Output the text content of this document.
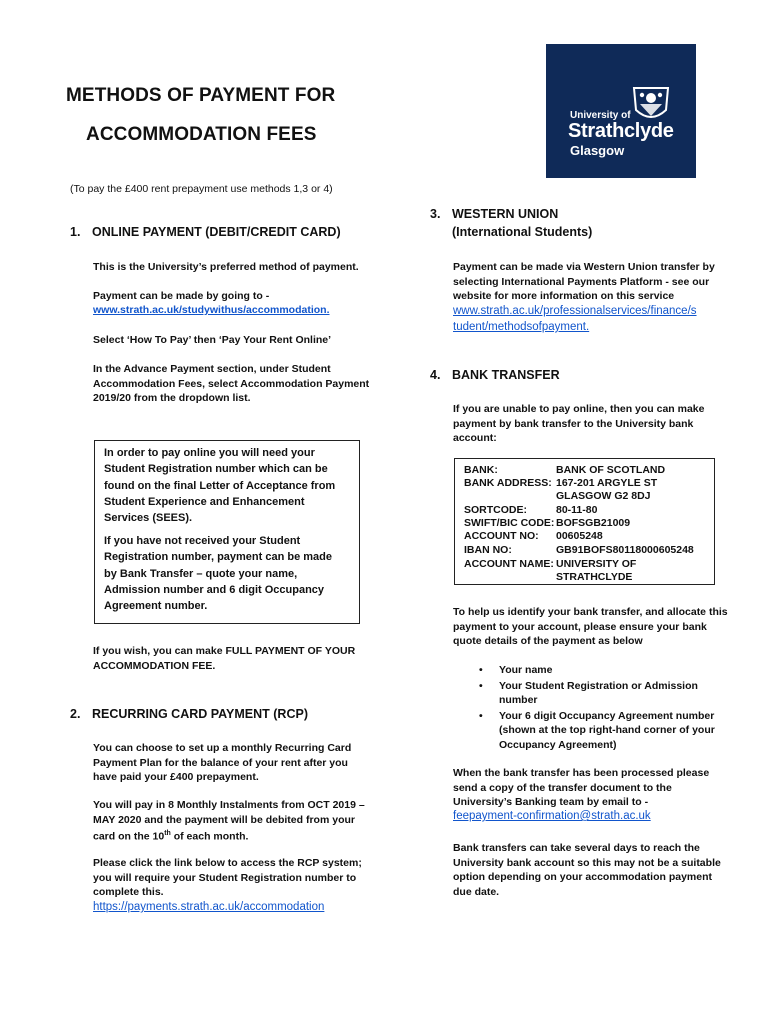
METHODS OF PAYMENT FOR
ACCOMMODATION FEES
(To pay the £400 rent prepayment use methods 1,3 or 4)
University of
Strathclyde
Glasgow
1. ONLINE PAYMENT (DEBIT/CREDIT CARD)
This is the University’s preferred method of payment.
Payment can be made by going to -
www.strath.ac.uk/studywithus/accommodation.
Select ‘How To Pay’ then ‘Pay Your Rent Online’
In the Advance Payment section, under Student
Accommodation Fees, select Accommodation Payment
2019/20 from the dropdown list.

In order to pay online you will need your

Student Registration number which can be

found on the final Letter of Acceptance from

Student Experience and Enhancement

Services (SEES).

If you have not received your Student

Registration number, payment can be made

by Bank Transfer – quote your name,

Admission number and 6 digit Occupancy

Agreement number.

If you wish, you can make FULL PAYMENT OF YOUR
ACCOMMODATION FEE.
2. RECURRING CARD PAYMENT (RCP)
You can choose to set up a monthly Recurring Card
Payment Plan for the balance of your rent after you
have paid your £400 prepayment.
You will pay in 8 Monthly Instalments from OCT 2019 –
MAY 2020 and the payment will be debited from your
card on the 10th of each month.
Please click the link below to access the RCP system;
you will require your Student Registration number to
complete this.
https://payments.strath.ac.uk/accommodation
3. WESTERN UNION
(International Students)
Payment can be made via Western Union transfer by
selecting International Payments Platform - see our
website for more information on this service
www.strath.ac.uk/professionalservices/finance/s
tudent/methodsofpayment.
4. BANK TRANSFER
If you are unable to pay online, then you can make
payment by bank transfer to the University bank
account:
BANK:	BANK OF SCOTLAND
BANK ADDRESS: 167-201 ARGYLE ST
GLASGOW G2 8DJ
SORTCODE:	80-11-80
SWIFT/BIC CODE: BOFSGB21009
ACCOUNT NO: 00605248
IBAN NO:	GB91BOFS80118000605248
ACCOUNT NAME: UNIVERSITY OF STRATHCLYDE
To help us identify your bank transfer, and allocate this
payment to your account, please ensure your bank
quote details of the payment as below
• Your name
• Your Student Registration or Admission
number
• Your 6 digit Occupancy Agreement number
(shown at the top right-hand corner of your
Occupancy Agreement)
When the bank transfer has been processed please
send a copy of the transfer document to the
University’s Banking team by email to -
feepayment-confirmation@strath.ac.uk
Bank transfers can take several days to reach the
University bank account so this may not be a suitable
option depending on your accommodation payment
due date.
